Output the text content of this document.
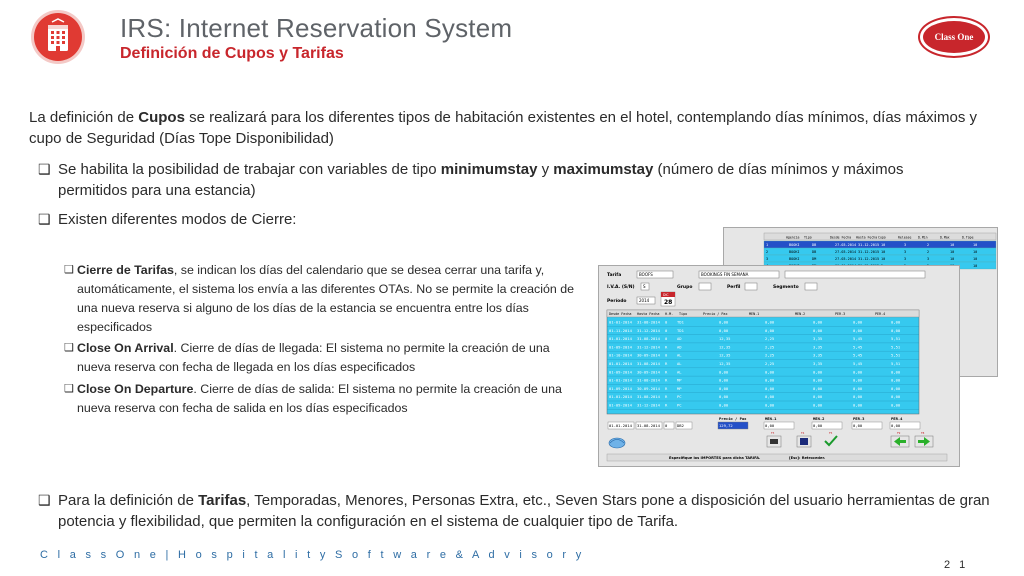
IRS: Internet Reservation System
Definición de Cupos y Tarifas
Class One
La definición de Cupos se realizará para los diferentes tipos de habitación existentes en el hotel, contemplando días mínimos, días máximos y cupo de Seguridad (Días Tope Disponibilidad)
❑ Se habilita la posibilidad de trabajar con variables de tipo minimumstay y maximumstay (número de días mínimos y máximos permitidos para una estancia)
❑ Existen diferentes modos de Cierre:
❑ Cierre de Tarifas, se indican los días del calendario que se desea cerrar una tarifa y, automáticamente, el sistema los envía a las diferentes OTAs. No se permite la creación de una nueva reserva si alguno de los días de la estancia se encuentra entre los días especificados
❑ Close On Arrival. Cierre de días de llegada: El sistema no permite la creación de una nueva reserva con fecha de llegada en los días especificados
❑ Close On Departure. Cierre de días de salida: El sistema no permite la creación de una nueva reserva con fecha de salida en los días especificados
Agencia Tipo	Desde Fecha Hasta Fecha Cupo	Release D.Min	D.Max	D.Tope
1	BOOKI	DB	27-03-2014 31-12-2015 10	3	2	10	10
2	BOOKI	DB	27-03-2014 31-12-2015 10	3	2	10	10
3	BOOKI	DM	27-03-2014 31-12-2015 10	3	3	10	10
10
Tarifa	BOOFS	BOOKINGS FIN SEMANA
I.V.A. (S/N) S	Grupo	Perfil	Segmento
Período	2014
DIC
28
Desde Fecha Hasta Fecha H.M. Tipo	Precio / Pax	MEN.1	MEN.2	PER.3	PER.4
01-01-2014 31-08-2014 0	TD1	0,00	0,00	0,00	0,00	0,00
01-11-2014 31-12-2014 0	TD1	0,00	0,00	0,00	0,00	0,00
01-01-2014 31-08-2014 0	AD	12,35	2,25	3,35	5,45	5,51
01-09-2014 31-12-2014 R	AD	12,35	2,25	3,35	5,45	5,51
01-10-2014 30-09-2014 0	AL	12,35	2,25	3,35	5,45	5,51
01-01-2014 31-08-2014 R	AL	12,35	2,25	3,35	5,45	5,51
01-09-2014 30-09-2014 R	AL	0,00	0,00	0,00	0,00	0,00
01-01-2014 31-08-2014 R	MP	0,00	0,00	0,00	0,00	0,00
01-09-2014 30-09-2014 R	MP	0,00	0,00	0,00	0,00	0,00
01-01-2014 31-08-2014 R	PC	0,00	0,00	0,00	0,00	0,00
01-09-2014 31-12-2014 R	PC	0,00	0,00	0,00	0,00	0,00
Precio / Pax	MEN.1	MEN.2	PER.3	PER.4
01-01-2014 31-08-2014 0	DB2	129,72	0,00	0,00	0,00	0,00
F3	F4	F5	F9	F8
Especifique los IMPORTES para dicha TARIFA.	[Esc]: Retroceder.
❑ Para la definición de Tarifas, Temporadas, Menores, Personas Extra, etc., Seven Stars pone a disposición del usuario herramientas de gran potencia y flexibilidad, que permiten la configuración en el sistema de cualquier tipo de Tarifa.
C l a s s O n e | H o s p i t a l i t y S o f t w a r e & A d v i s o r y
2 1
